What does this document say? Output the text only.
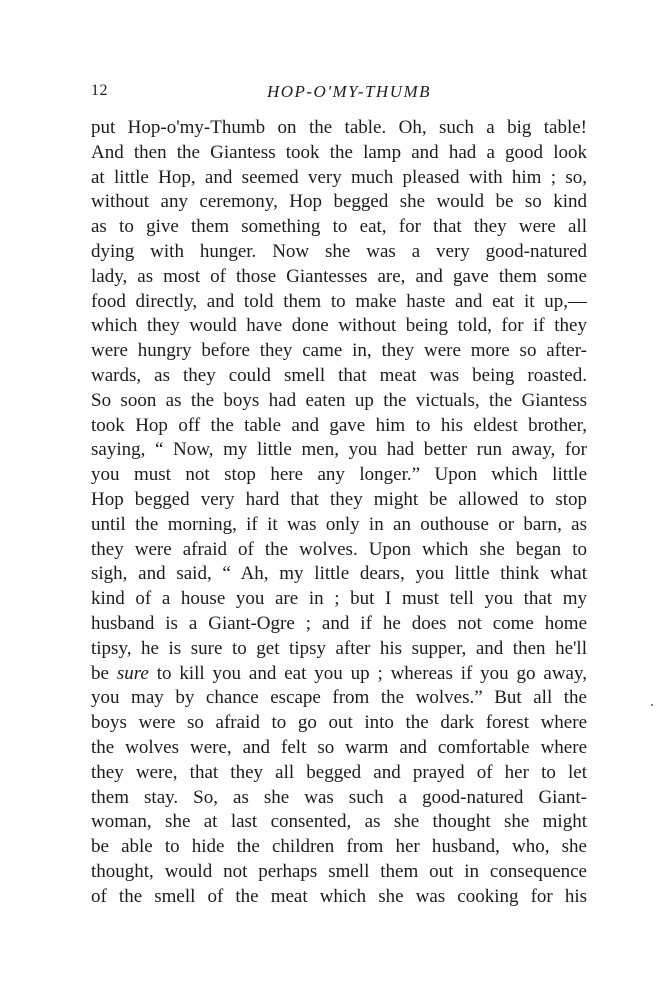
12	HOP-O'MY-THUMB
put Hop-o'my-Thumb on the table. Oh, such a big table!
And then the Giantess took the lamp and had a good look
at little Hop, and seemed very much pleased with him ; so,
without any ceremony, Hop begged she would be so kind
as to give them something to eat, for that they were all
dying with hunger. Now she was a very good-natured
lady, as most of those Giantesses are, and gave them some
food directly, and told them to make haste and eat it up,—
which they would have done without being told, for if they
were hungry before they came in, they were more so after-
wards, as they could smell that meat was being roasted.
So soon as the boys had eaten up the victuals, the Giantess
took Hop off the table and gave him to his eldest brother,
saying, “ Now, my little men, you had better run away, for
you must not stop here any longer.” Upon which little
Hop begged very hard that they might be allowed to stop
until the morning, if it was only in an outhouse or barn, as
they were afraid of the wolves. Upon which she began to
sigh, and said, “ Ah, my little dears, you little think what
kind of a house you are in ; but I must tell you that my
husband is a Giant-Ogre ; and if he does not come home
tipsy, he is sure to get tipsy after his supper, and then he'll
be sure to kill you and eat you up ; whereas if you go away,
you may by chance escape from the wolves.” But all the
boys were so afraid to go out into the dark forest where
the wolves were, and felt so warm and comfortable where
they were, that they all begged and prayed of her to let
them stay. So, as she was such a good-natured Giant-
woman, she at last consented, as she thought she might
be able to hide the children from her husband, who, she
thought, would not perhaps smell them out in consequence
of the smell of the meat which she was cooking for his
